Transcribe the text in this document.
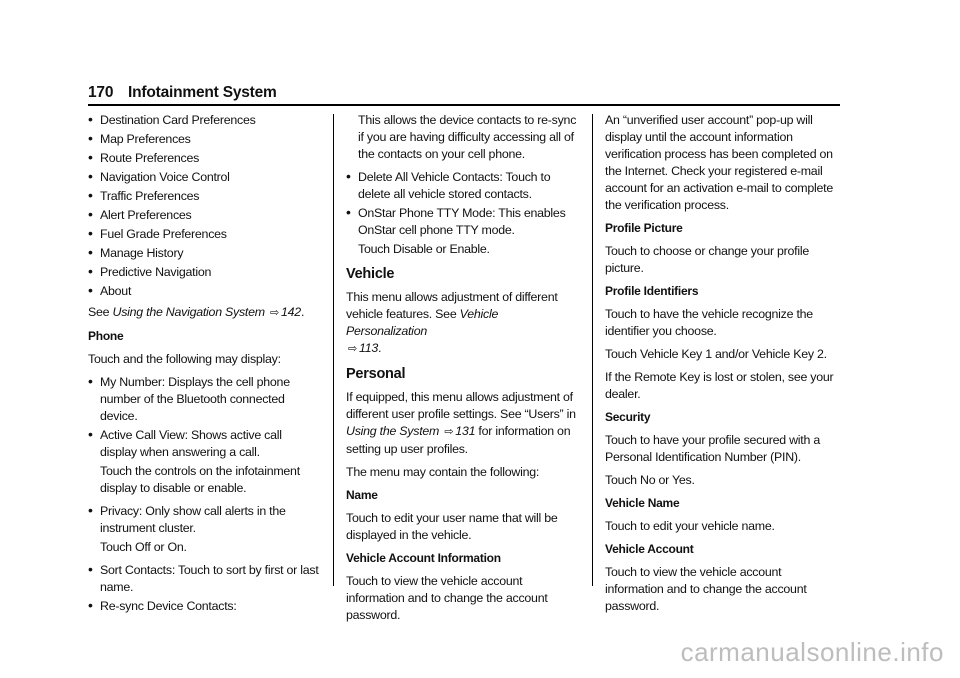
170 Infotainment System
• Destination Card Preferences
• Map Preferences
• Route Preferences
• Navigation Voice Control
• Traffic Preferences
• Alert Preferences
• Fuel Grade Preferences
• Manage History
• Predictive Navigation
• About

See Using the Navigation System ⇨ 142.

Phone

Touch and the following may display:

• My Number: Displays the cell phone number of the Bluetooth connected device.
• Active Call View: Shows active call display when answering a call.

Touch the controls on the infotainment display to disable or enable.

• Privacy: Only show call alerts in the instrument cluster.

Touch Off or On.

• Sort Contacts: Touch to sort by first or last name.
• Re-sync Device Contacts:

This allows the device contacts to re-sync if you are having difficulty accessing all of the contacts on your cell phone.

• Delete All Vehicle Contacts: Touch to delete all vehicle stored contacts.
• OnStar Phone TTY Mode: This enables OnStar cell phone TTY mode.

Touch Disable or Enable.

Vehicle

This menu allows adjustment of different vehicle features. See Vehicle Personalization
⇨ 113.

Personal

If equipped, this menu allows adjustment of different user profile settings. See “Users” in Using the System ⇨ 131 for information on setting up user profiles.

The menu may contain the following:

Name

Touch to edit your user name that will be displayed in the vehicle.

Vehicle Account Information

Touch to view the vehicle account information and to change the account password.

An “unverified user account” pop-up will display until the account information verification process has been completed on the Internet. Check your registered e-mail account for an activation e-mail to complete the verification process.

Profile Picture

Touch to choose or change your profile picture.

Profile Identifiers

Touch to have the vehicle recognize the identifier you choose.

Touch Vehicle Key 1 and/or Vehicle Key 2.

If the Remote Key is lost or stolen, see your dealer.

Security

Touch to have your profile secured with a Personal Identification Number (PIN).

Touch No or Yes.

Vehicle Name

Touch to edit your vehicle name.

Vehicle Account

Touch to view the vehicle account information and to change the account password.

carmanualsonline.info
